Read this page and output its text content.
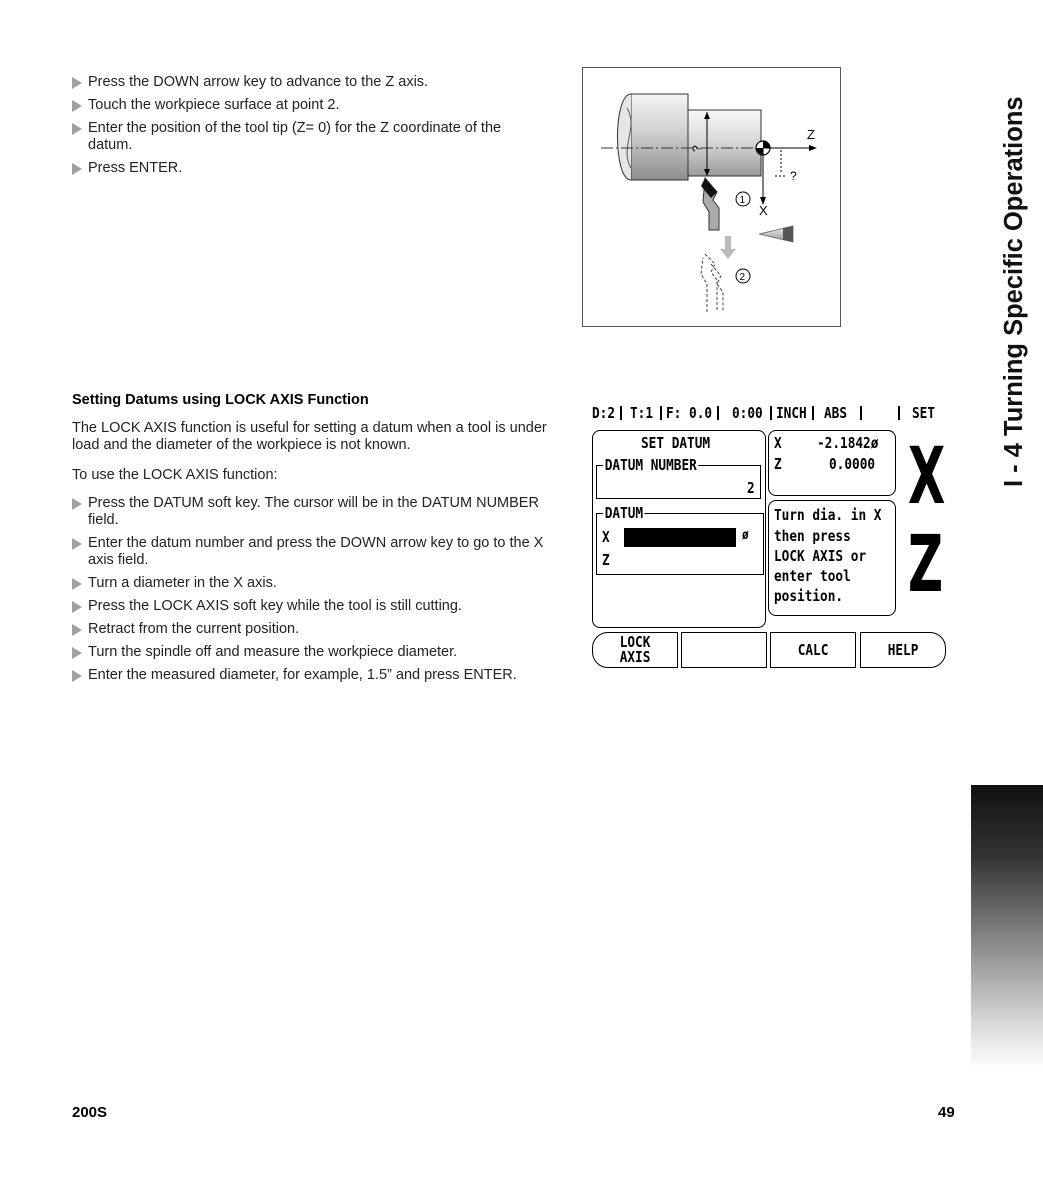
Press the DOWN arrow key to advance to the Z axis.
Touch the workpiece surface at point 2.
Enter the position of the tool tip (Z= 0) for the Z coordinate of the datum.
Press ENTER.
?
Z
X
?
1
2
Setting Datums using LOCK AXIS Function

The LOCK AXIS function is useful for setting a datum when a tool is under load and the diameter of the workpiece is not known.

To use the LOCK AXIS function:

Press the DATUM soft key. The cursor will be in the DATUM NUMBER field.
Enter the datum number and press the DOWN arrow key to go to the X axis field.
Turn a diameter in the X axis.
Press the LOCK AXIS soft key while the tool is still cutting.
Retract from the current position.
Turn the spindle off and measure the workpiece diameter.
Enter the measured diameter, for example, 1.5” and press ENTER.
D:2 T:1 F: 0.0 0:00 INCH ABS	SET
SET DATUM
DATUM NUMBER
2
DATUM
X	ø
Z
X -2.1842ø
Z	0.0000
Turn dia. in X
then press
LOCK AXIS or
enter tool
position.
X
Z
LOCK
AXIS	CALC	HELP
I - 4 Turning Specific Operations
200S	49
